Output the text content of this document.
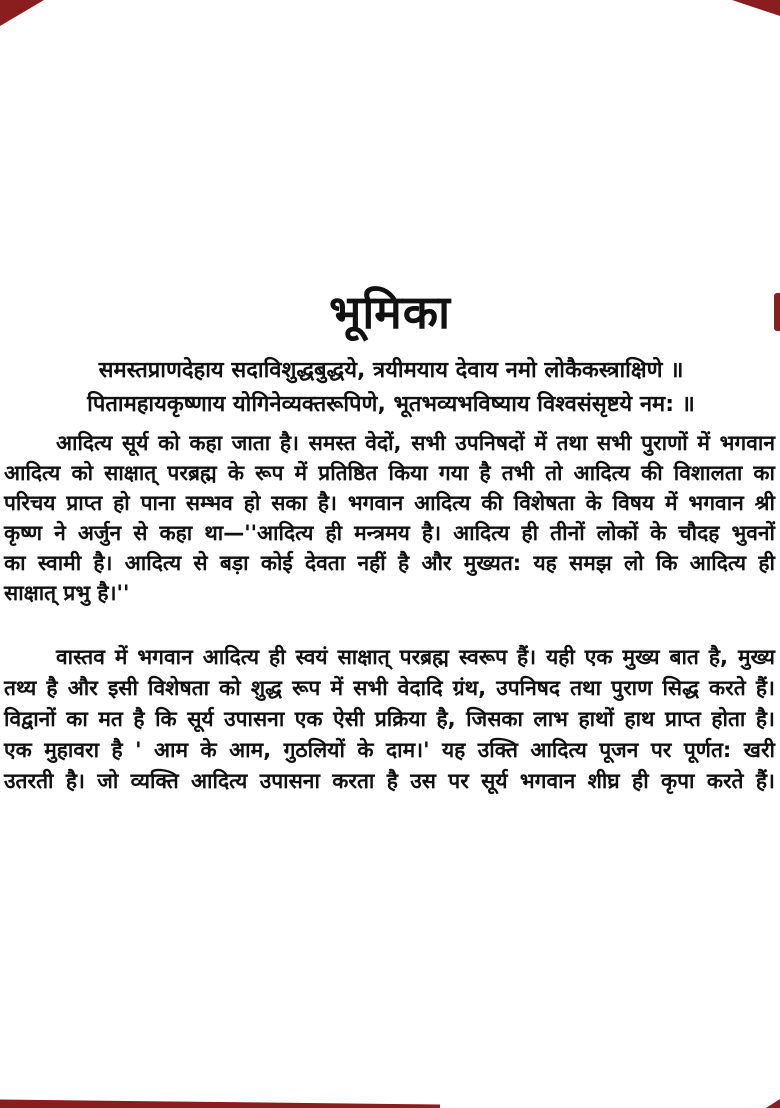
भूमिका
समस्तप्राणदेहाय सदाविशुद्धबुद्धये, त्रयीमयाय देवाय नमो लोकैकस्त्राक्षिणे ॥
पितामहायकृष्णाय योगिनेव्यक्तरूपिणे, भूतभव्यभविष्याय विश्वसंसृष्टये नम: ॥
आदित्य सूर्य को कहा जाता है। समस्त वेदों, सभी उपनिषदों में तथा सभी पुराणों में भगवान
आदित्य को साक्षात् परब्रह्म के रूप में प्रतिष्ठित किया गया है तभी तो आदित्य की विशालता का
परिचय प्राप्त हो पाना सम्भव हो सका है। भगवान आदित्य की विशेषता के विषय में भगवान श्री
कृष्ण ने अर्जुन से कहा था—''आदित्य ही मन्त्रमय है। आदित्य ही तीनों लोकों के चौदह भुवनों
का स्वामी है। आदित्य से बड़ा कोई देवता नहीं है और मुख्यत: यह समझ लो कि आदित्य ही
साक्षात् प्रभु है।''
वास्तव में भगवान आदित्य ही स्वयं साक्षात् परब्रह्म स्वरूप हैं। यही एक मुख्य बात है, मुख्य
तथ्य है और इसी विशेषता को शुद्ध रूप में सभी वेदादि ग्रंथ, उपनिषद तथा पुराण सिद्ध करते हैं।
विद्वानों का मत है कि सूर्य उपासना एक ऐसी प्रक्रिया है, जिसका लाभ हाथों हाथ प्राप्त होता है।
एक मुहावरा है ' आम के आम, गुठलियों के दाम।' यह उक्ति आदित्य पूजन पर पूर्णत: खरी
उतरती है। जो व्यक्ति आदित्य उपासना करता है उस पर सूर्य भगवान शीघ्र ही कृपा करते हैं।
